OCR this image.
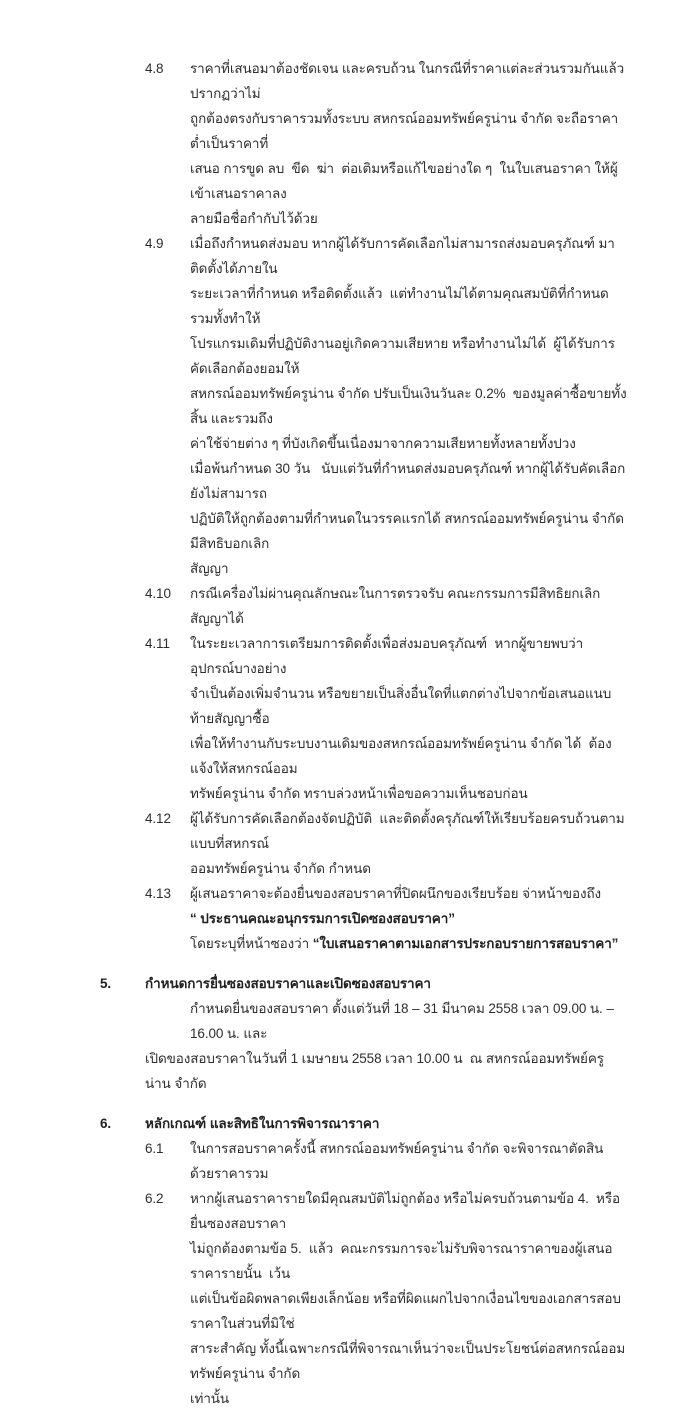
4.8	ราคาที่เสนอมาต้องชัดเจน และครบถ้วน ในกรณีที่ราคาแต่ละส่วนรวมกันแล้วปรากฏว่าไม่
ถูกต้องตรงกับราคารวมทั้งระบบ สหกรณ์ออมทรัพย์ครูน่าน จำกัด จะถือราคาต่ำเป็นราคาที่
เสนอ การขูด ลบ  ขีด  ฆ่า  ต่อเติมหรือแก้ไขอย่างใด ๆ  ในใบเสนอราคา ให้ผู้เข้าเสนอราคาลง
ลายมือชื่อกำกับไว้ด้วย
4.9	เมื่อถึงกำหนดส่งมอบ หากผู้ได้รับการคัดเลือกไม่สามารถส่งมอบครุภัณฑ์ มาติดตั้งได้ภายใน
ระยะเวลาที่กำหนด หรือติดตั้งแล้ว  แต่ทำงานไม่ได้ตามคุณสมบัติที่กำหนด รวมทั้งทำให้
โปรแกรมเดิมที่ปฏิบัติงานอยู่เกิดความเสียหาย หรือทำงานไม่ได้  ผู้ได้รับการคัดเลือกต้องยอมให้
สหกรณ์ออมทรัพย์ครูน่าน จำกัด ปรับเป็นเงินวันละ 0.2%  ของมูลค่าซื้อขายทั้งสิ้น และรวมถึง
ค่าใช้จ่ายต่าง ๆ ที่บังเกิดขึ้นเนื่องมาจากความเสียหายทั้งหลายทั้งปวง
เมื่อพ้นกำหนด 30 วัน   นับแต่วันที่กำหนดส่งมอบครุภัณฑ์ หากผู้ได้รับคัดเลือกยังไม่สามารถ
ปฏิบัติให้ถูกต้องตามที่กำหนดในวรรคแรกได้ สหกรณ์ออมทรัพย์ครูน่าน จำกัด มีสิทธิบอกเลิก
สัญญา
4.10	กรณีเครื่องไม่ผ่านคุณลักษณะในการตรวจรับ คณะกรรมการมีสิทธิยกเลิกสัญญาได้
4.11	ในระยะเวลาการเตรียมการติดตั้งเพื่อส่งมอบครุภัณฑ์  หากผู้ขายพบว่า อุปกรณ์บางอย่าง
จำเป็นต้องเพิ่มจำนวน หรือขยายเป็นสิ่งอื่นใดที่แตกต่างไปจากข้อเสนอแนบท้ายสัญญาซื้อ
เพื่อให้ทำงานกับระบบงานเดิมของสหกรณ์ออมทรัพย์ครูน่าน จำกัด ได้  ต้องแจ้งให้สหกรณ์ออม
ทรัพย์ครูน่าน จำกัด ทราบล่วงหน้าเพื่อขอความเห็นชอบก่อน
4.12	ผู้ได้รับการคัดเลือกต้องจัดปฏิบัติ  และติดตั้งครุภัณฑ์ให้เรียบร้อยครบถ้วนตามแบบที่สหกรณ์
ออมทรัพย์ครูน่าน จำกัด กำหนด
4.13	ผู้เสนอราคาจะต้องยื่นของสอบราคาที่ปิดผนึกของเรียบร้อย จ่าหน้าของถึง
“ ประธานคณะอนุกรรมการเปิดซองสอบราคา”
โดยระบุที่หน้าซองว่า “ใบเสนอราคาตามเอกสารประกอบรายการสอบราคา”
5.	กำหนดการยื่นซองสอบราคาและเปิดซองสอบราคา
กำหนดยื่นของสอบราคา ตั้งแต่วันที่ 18 – 31 มีนาคม 2558 เวลา 09.00 น. – 16.00 น. และ
เปิดของสอบราคาในวันที่ 1 เมษายน 2558 เวลา 10.00 น  ณ สหกรณ์ออมทรัพย์ครูน่าน จำกัด
6.	หลักเกณฑ์ และสิทธิในการพิจารณาราคา
6.1	ในการสอบราคาครั้งนี้ สหกรณ์ออมทรัพย์ครูน่าน จำกัด จะพิจารณาตัดสินด้วยราคารวม
6.2	หากผู้เสนอราคารายใดมีคุณสมบัติไม่ถูกต้อง หรือไม่ครบถ้วนตามข้อ 4.  หรือยื่นซองสอบราคา
ไม่ถูกต้องตามข้อ 5.  แล้ว  คณะกรรมการจะไม่รับพิจารณาราคาของผู้เสนอราคารายนั้น  เว้น
แต่เป็นข้อผิดพลาดเพียงเล็กน้อย หรือที่ผิดแผกไปจากเงื่อนไขของเอกสารสอบราคาในส่วนที่มิใช่
สาระสำคัญ ทั้งนี้เฉพาะกรณีที่พิจารณาเห็นว่าจะเป็นประโยชน์ต่อสหกรณ์ออมทรัพย์ครูน่าน จำกัด
เท่านั้น
